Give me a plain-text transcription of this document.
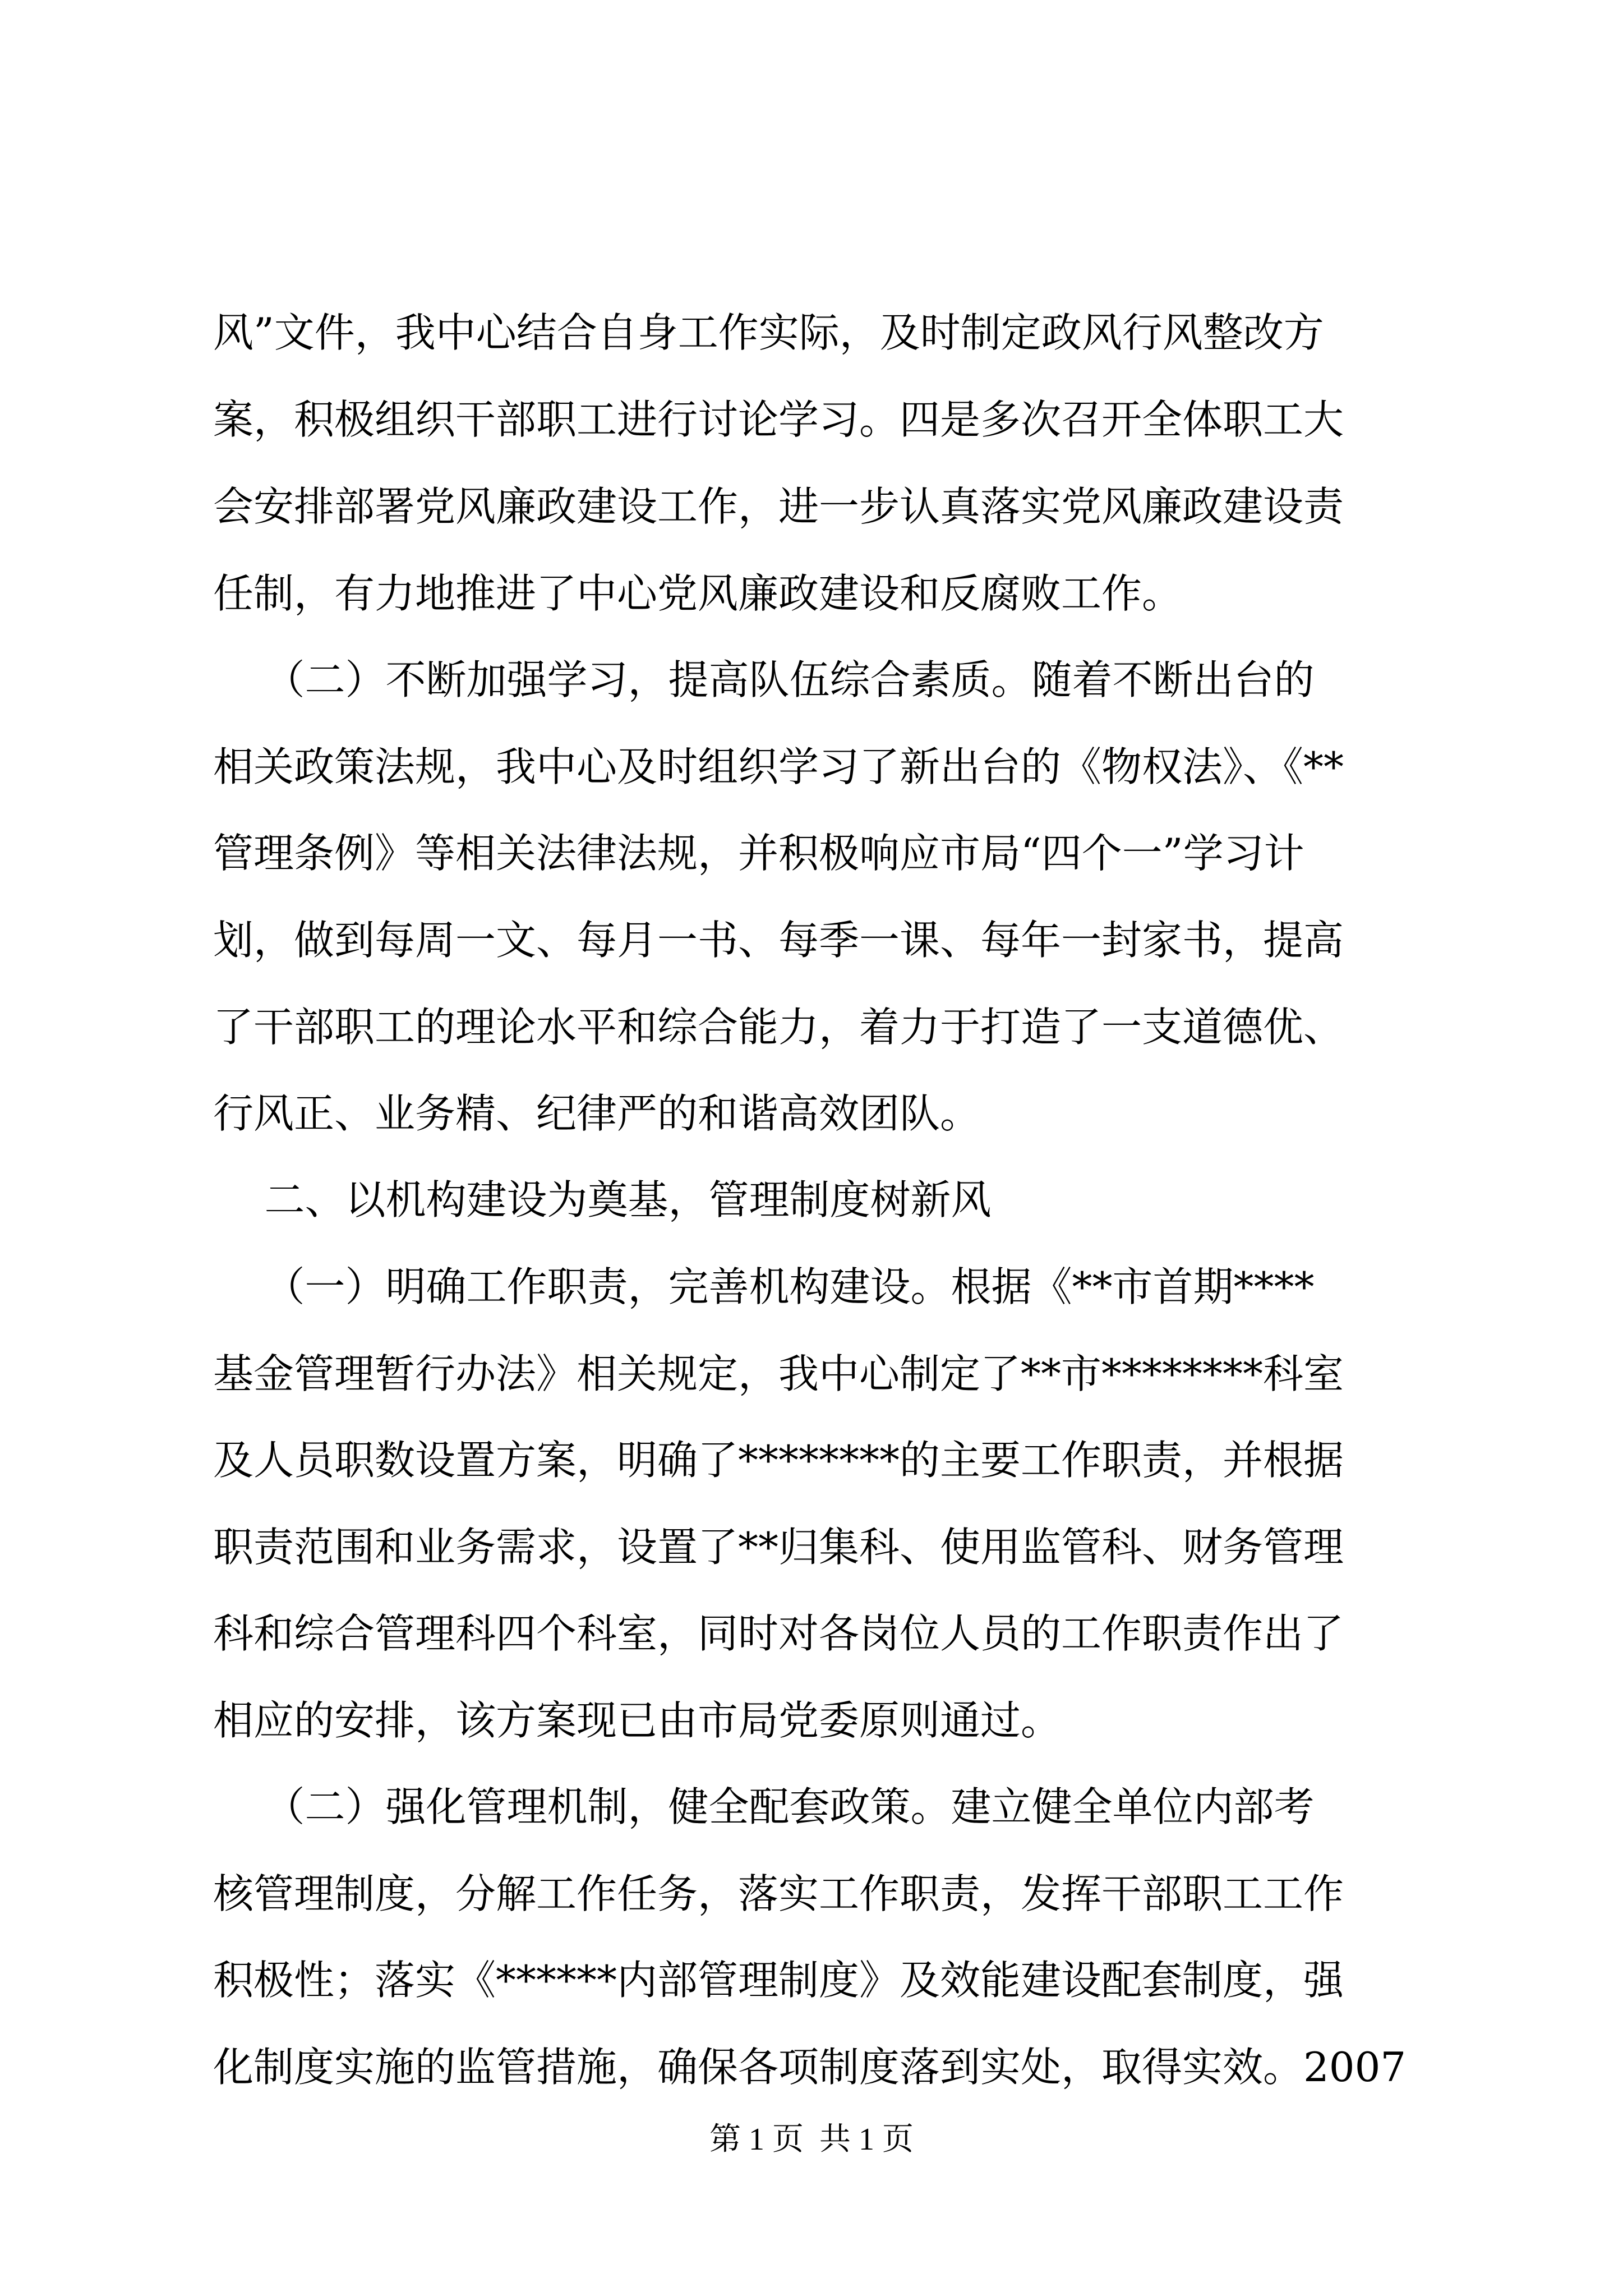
风”文件，我中心结合自身工作实际，及时制定政风行风整改方
案，积极组织干部职工进行讨论学习。四是多次召开全体职工大
会安排部署党风廉政建设工作，进一步认真落实党风廉政建设责
任制，有力地推进了中心党风廉政建设和反腐败工作。
（二）不断加强学习，提高队伍综合素质。随着不断出台的
相关政策法规，我中心及时组织学习了新出台的《物权法》、《**
管理条例》等相关法律法规，并积极响应市局“四个一”学习计
划，做到每周一文、每月一书、每季一课、每年一封家书，提高
了干部职工的理论水平和综合能力，着力于打造了一支道德优、
行风正、业务精、纪律严的和谐高效团队。
二、以机构建设为奠基，管理制度树新风
（一）明确工作职责，完善机构建设。根据《**市首期****
基金管理暂行办法》相关规定，我中心制定了**市********科室
及人员职数设置方案，明确了********的主要工作职责，并根据
职责范围和业务需求，设置了**归集科、使用监管科、财务管理
科和综合管理科四个科室，同时对各岗位人员的工作职责作出了
相应的安排，该方案现已由市局党委原则通过。
（二）强化管理机制，健全配套政策。建立健全单位内部考
核管理制度，分解工作任务，落实工作职责，发挥干部职工工作
积极性；落实《******内部管理制度》及效能建设配套制度，强
化制度实施的监管措施，确保各项制度落到实处，取得实效。2007
第 1 页  共 1 页
